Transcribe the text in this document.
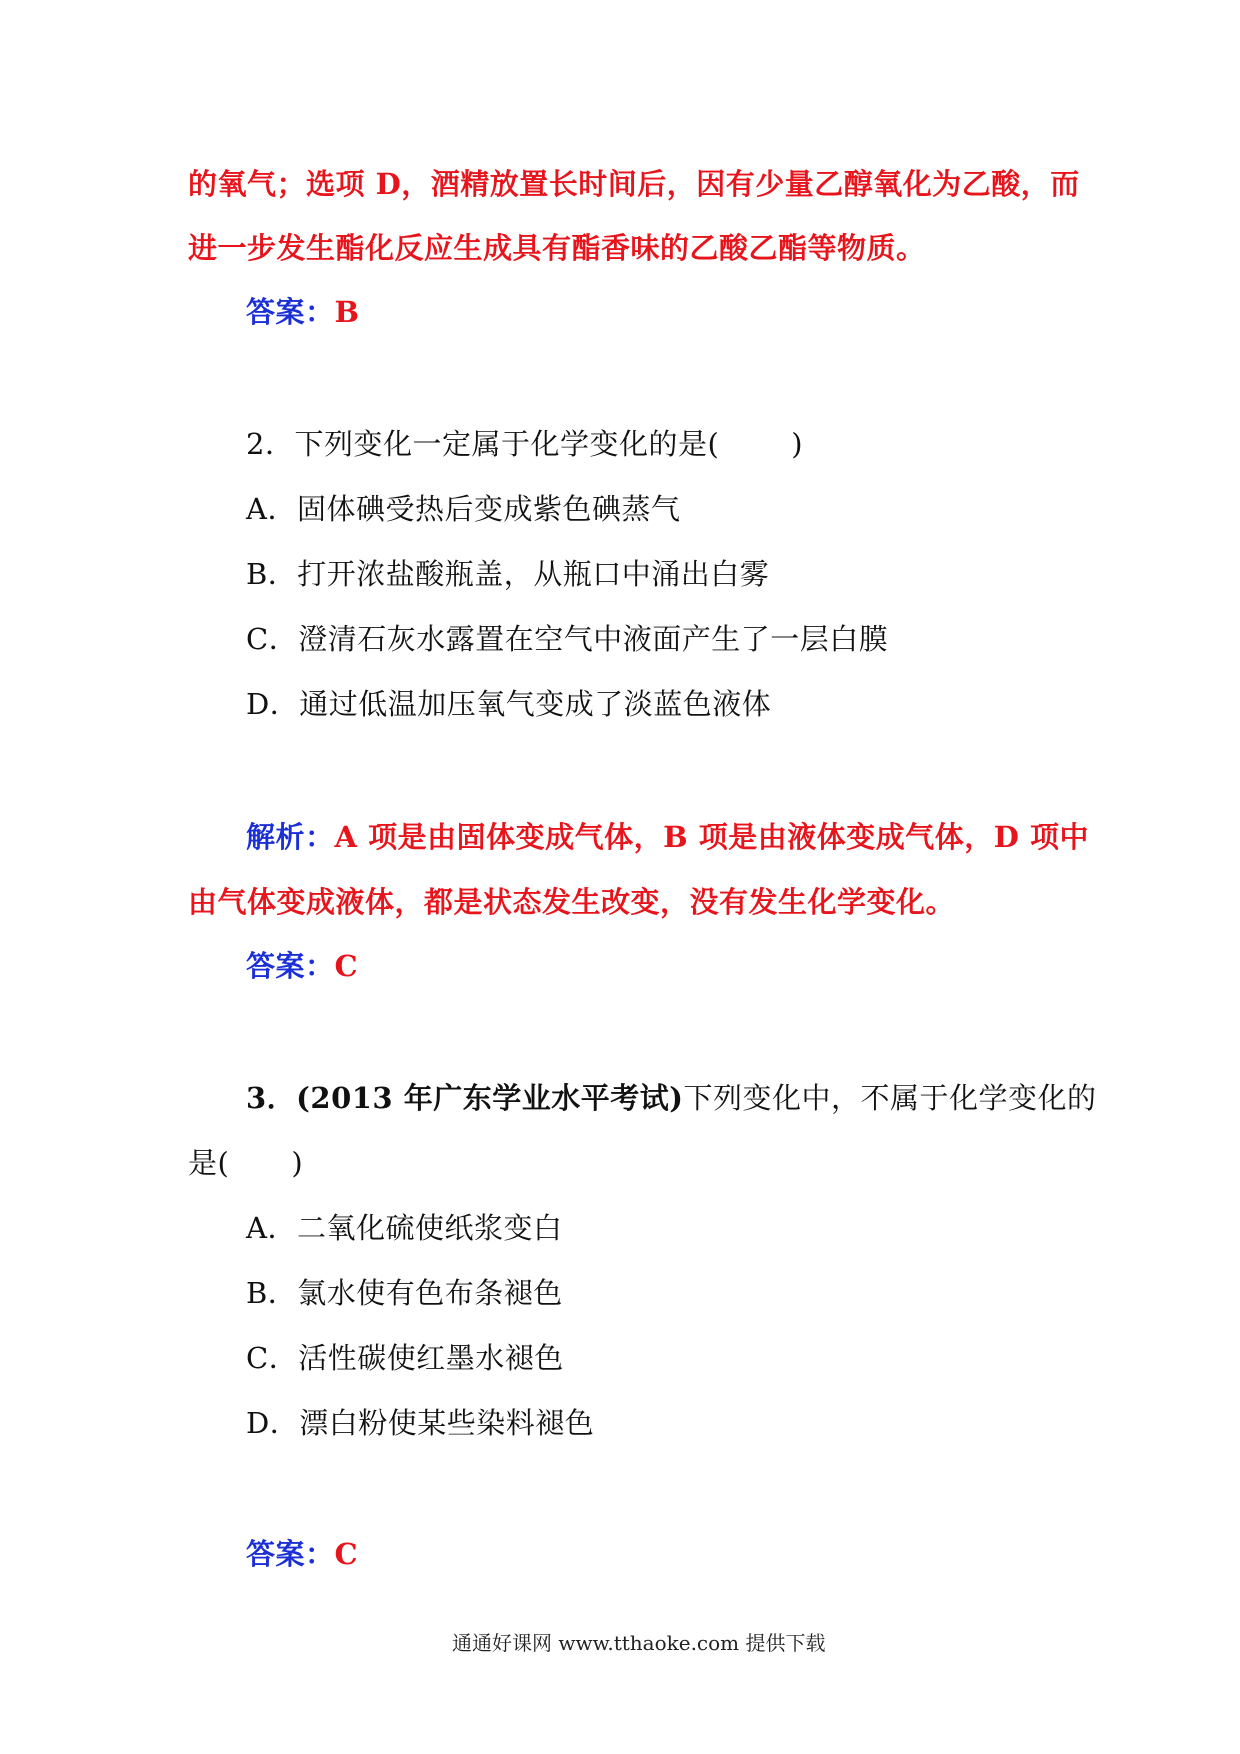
的氧气；选项 D，酒精放置长时间后，因有少量乙醇氧化为乙酸，而
进一步发生酯化反应生成具有酯香味的乙酸乙酯等物质。
答案：B
2．下列变化一定属于化学变化的是( )
A．固体碘受热后变成紫色碘蒸气
B．打开浓盐酸瓶盖，从瓶口中涌出白雾
C．澄清石灰水露置在空气中液面产生了一层白膜
D．通过低温加压氧气变成了淡蓝色液体
解析：A 项是由固体变成气体，B 项是由液体变成气体，D 项中
由气体变成液体，都是状态发生改变，没有发生化学变化。
答案：C
3．(2013 年广东学业水平考试)下列变化中，不属于化学变化的
是( )
A．二氧化硫使纸浆变白
B．氯水使有色布条褪色
C．活性碳使红墨水褪色
D．漂白粉使某些染料褪色
答案：C
通通好课网 www.tthaoke.com 提供下载
